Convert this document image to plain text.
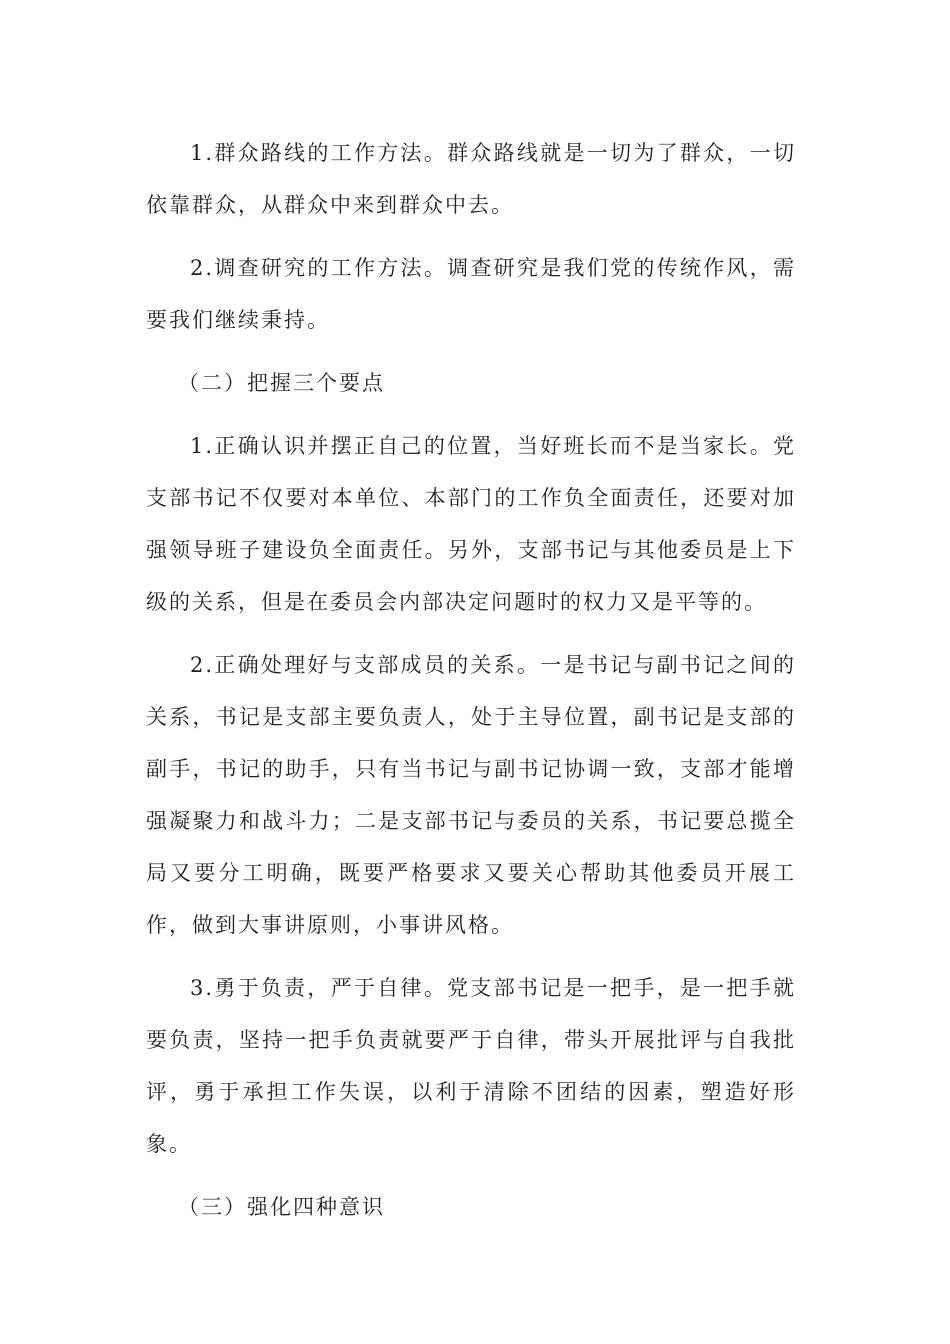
1.群众路线的工作方法。群众路线就是一切为了群众，一切依靠群众，从群众中来到群众中去。

2.调查研究的工作方法。调查研究是我们党的传统作风，需要我们继续秉持。

（二）把握三个要点

1.正确认识并摆正自己的位置，当好班长而不是当家长。党支部书记不仅要对本单位、本部门的工作负全面责任，还要对加强领导班子建设负全面责任。另外，支部书记与其他委员是上下级的关系，但是在委员会内部决定问题时的权力又是平等的。

2.正确处理好与支部成员的关系。一是书记与副书记之间的关系，书记是支部主要负责人，处于主导位置，副书记是支部的副手，书记的助手，只有当书记与副书记协调一致，支部才能增强凝聚力和战斗力；二是支部书记与委员的关系，书记要总揽全局又要分工明确，既要严格要求又要关心帮助其他委员开展工作，做到大事讲原则，小事讲风格。

3.勇于负责，严于自律。党支部书记是一把手，是一把手就要负责，坚持一把手负责就要严于自律，带头开展批评与自我批评，勇于承担工作失误，以利于清除不团结的因素，塑造好形象。

（三）强化四种意识
